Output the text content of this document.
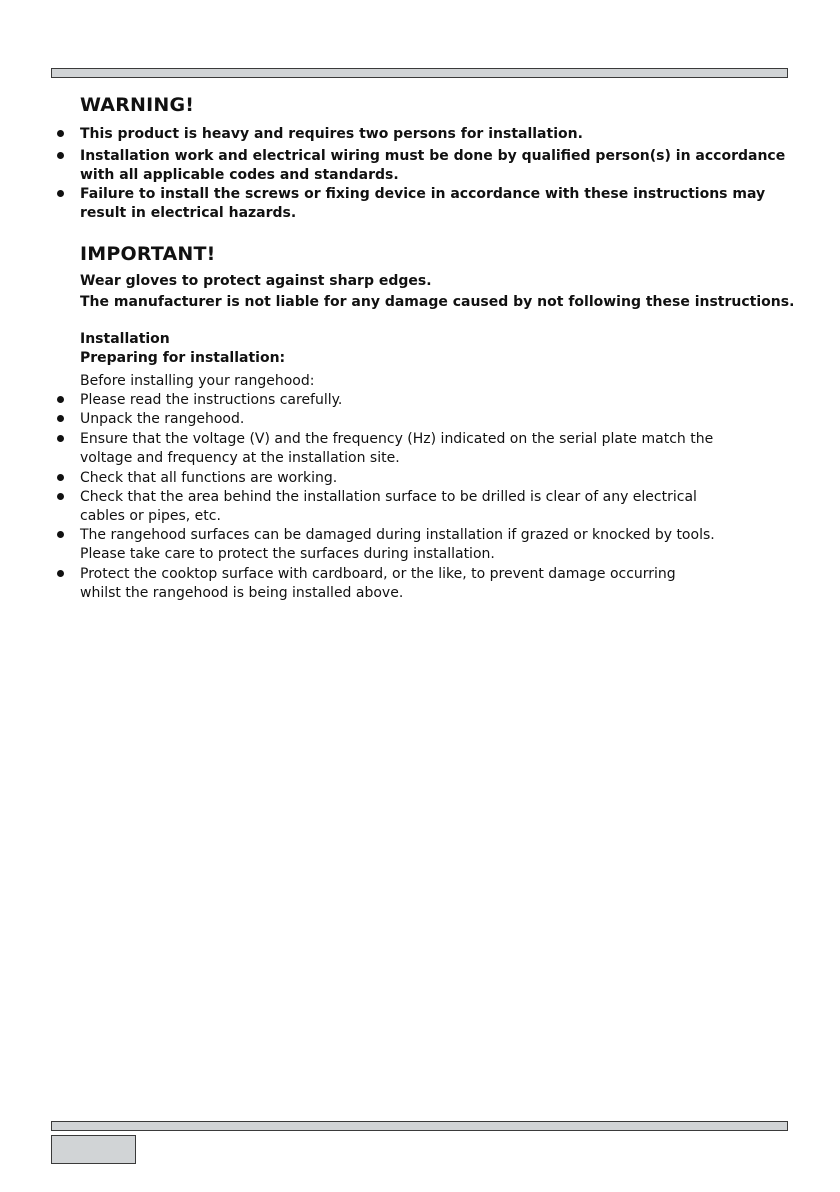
WARNING!
This product is heavy and requires two persons for installation.
Installation work and electrical wiring must be done by qualified person(s) in accordance
with all applicable codes and standards.
Failure to install the screws or fixing device in accordance with these instructions may
result in electrical hazards.
IMPORTANT!
Wear gloves to protect against sharp edges.
The manufacturer is not liable for any damage caused by not following these instructions.
Installation
Preparing for installation:
Before installing your rangehood:
Please read the instructions carefully.
Unpack the rangehood.
Ensure that the voltage (V) and the frequency (Hz) indicated on the serial plate match the
voltage and frequency at the installation site.
Check that all functions are working.
Check that the area behind the installation surface to be drilled is clear of any electrical
cables or pipes, etc.
The rangehood surfaces can be damaged during installation if grazed or knocked by tools.
Please take care to protect the surfaces during installation.
Protect the cooktop surface with cardboard, or the like, to prevent damage occurring
whilst the rangehood is being installed above.
